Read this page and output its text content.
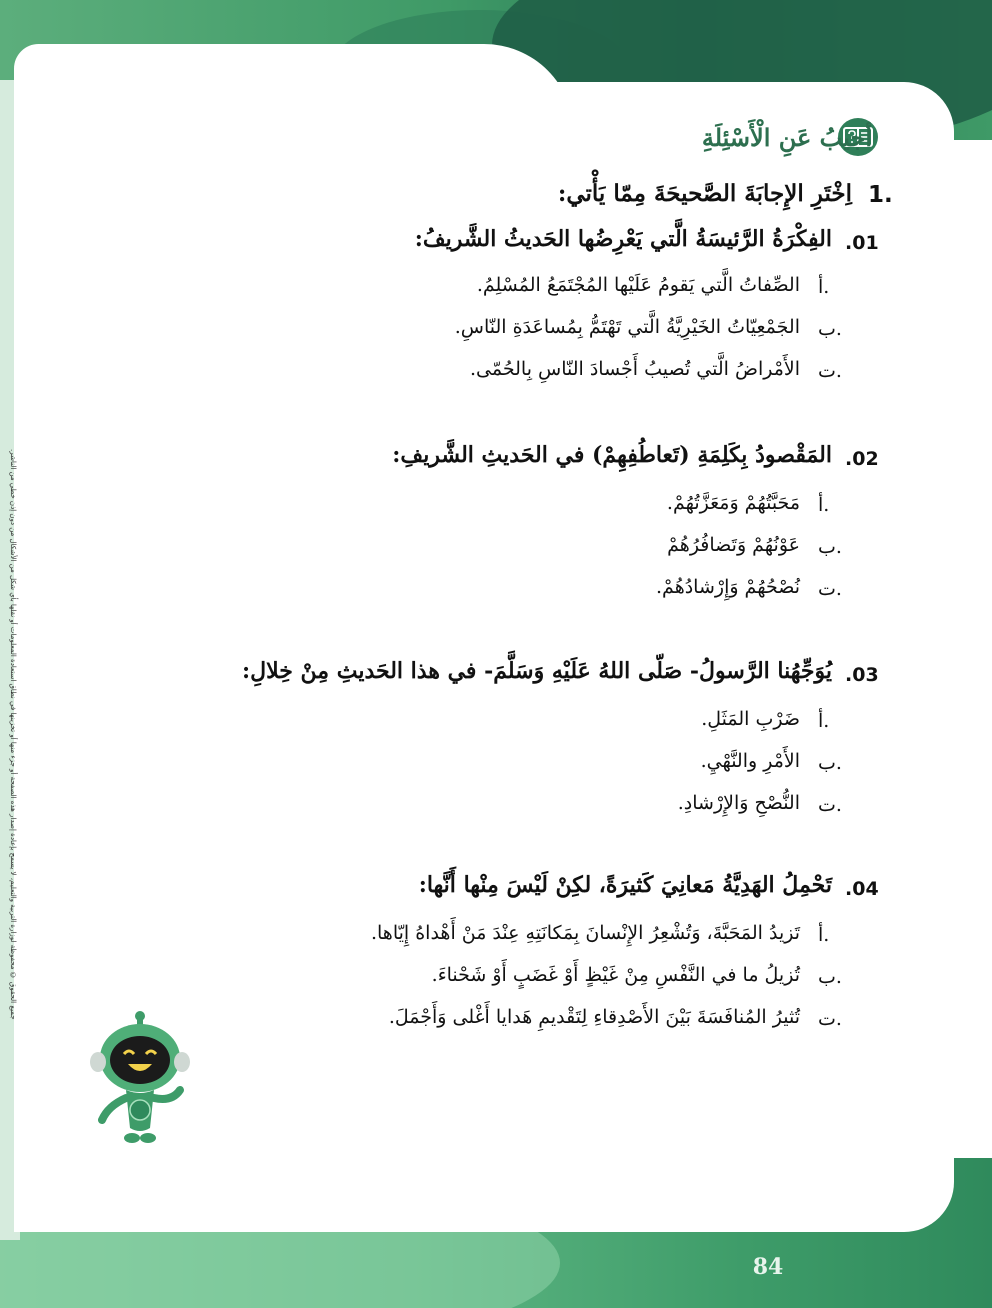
جميع الحقوق © محفوظة لوزارة التربية والتعليم، لا يسمح بإعادة إصدار هذه الصفحة أو جزء منها أو تخزينها في نطاق استعادة المعلومات أو نقلها بأي شكل من الأشكال من دون إذن خطي من الناشر.
أجيبُ عَنِ الْأَسْئِلَةِ
1.
اِخْتَرِ الإِجابَةَ الصَّحيحَةَ مِمّا يَأْتي:
.01
الفِكْرَةُ الرَّئيسَةُ الَّتي يَعْرِضُها الحَديثُ الشَّريفُ:
أ.
الصِّفاتُ الَّتي يَقومُ عَلَيْها المُجْتَمَعُ المُسْلِمُ.
ب.
الجَمْعِيّاتُ الخَيْرِيَّةُ الَّتي تَهْتَمُّ بِمُساعَدَةِ النّاسِ.
ت.
الأَمْراضُ الَّتي تُصيبُ أَجْسادَ النّاسِ بِالحُمّى.
.02
المَقْصودُ بِكَلِمَةِ (تَعاطُفِهِمْ) في الحَديثِ الشَّريفِ:
أ.
مَحَبَّتُهُمْ وَمَعَزَّتُهُمْ.
ب.
عَوْنُهُمْ وَتَضافُرُهُمْ
ت.
نُصْحُهُمْ وَإِرْشادُهُمْ.
.03
يُوَجِّهُنا الرَّسولُ- صَلّى اللهُ عَلَيْهِ وَسَلَّمَ- في هذا الحَديثِ مِنْ خِلالِ:
أ.
ضَرْبِ المَثَلِ.
ب.
الأَمْرِ والنَّهْيِ.
ت.
النُّصْحِ وَالإِرْشادِ.
.04
تَحْمِلُ الهَدِيَّةُ مَعانِيَ كَثيرَةً، لكِنْ لَيْسَ مِنْها أَنَّها:
أ.
تَزيدُ المَحَبَّةَ، وَتُشْعِرُ الإِنْسانَ بِمَكانَتِهِ عِنْدَ مَنْ أَهْداهُ إِيّاها.
ب.
تُزيلُ ما في النَّفْسِ مِنْ غَيْظٍ أَوْ غَضَبٍ أَوْ شَحْناءَ.
ت.
تُثيرُ المُنافَسَةَ بَيْنَ الأَصْدِقاءِ لِتَقْديمِ هَدايا أَغْلى وَأَجْمَلَ.
84
